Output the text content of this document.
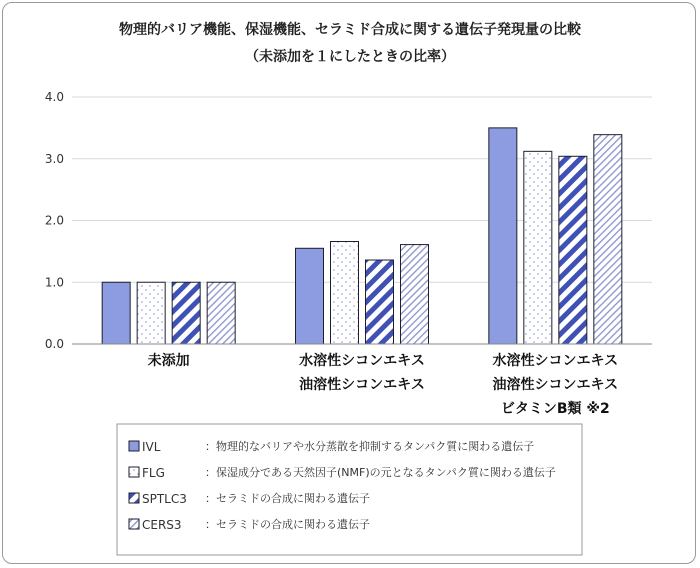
物理的バリア機能、保湿機能、セラミド合成に関する遺伝子発現量の比較
（未添加を１にしたときの比率）
0.0
1.0
2.0
3.0
4.0
未添加	水溶性シコンエキス
油溶性シコンエキス
水溶性シコンエキス
油溶性シコンエキス
ビタミンB類 ※2
IVL	：物理的なバリアや水分蒸散を抑制するタンパク質に関わる遺伝子
FLG	：保湿成分である天然因子(NMF)の元となるタンパク質に関わる遺伝子
SPTLC3 ：セラミドの合成に関わる遺伝子
CERS3 ：セラミドの合成に関わる遺伝子
